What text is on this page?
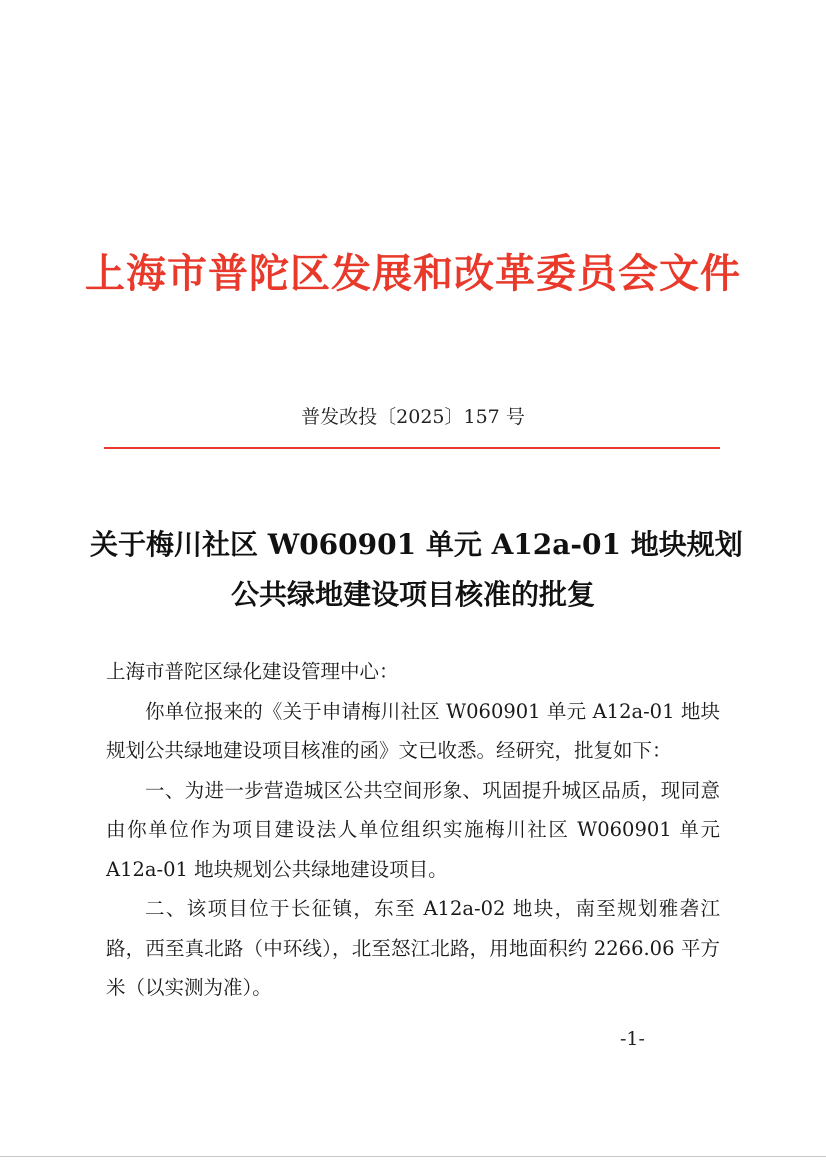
上海市普陀区发展和改革委员会文件
普发改投〔2025〕157 号
关于梅川社区 W060901 单元 A12a-01 地块规划
公共绿地建设项目核准的批复

上海市普陀区绿化建设管理中心：

你单位报来的《关于申请梅川社区 W060901 单元 A12a-01 地块规划公共绿地建设项目核准的函》文已收悉。经研究，批复如下：

一、为进一步营造城区公共空间形象、巩固提升城区品质，现同意由你单位作为项目建设法人单位组织实施梅川社区 W060901 单元 A12a-01 地块规划公共绿地建设项目。

二、该项目位于长征镇，东至 A12a-02 地块，南至规划雅砻江路，西至真北路（中环线），北至怒江北路，用地面积约 2266.06 平方米（以实测为准）。

-1-
